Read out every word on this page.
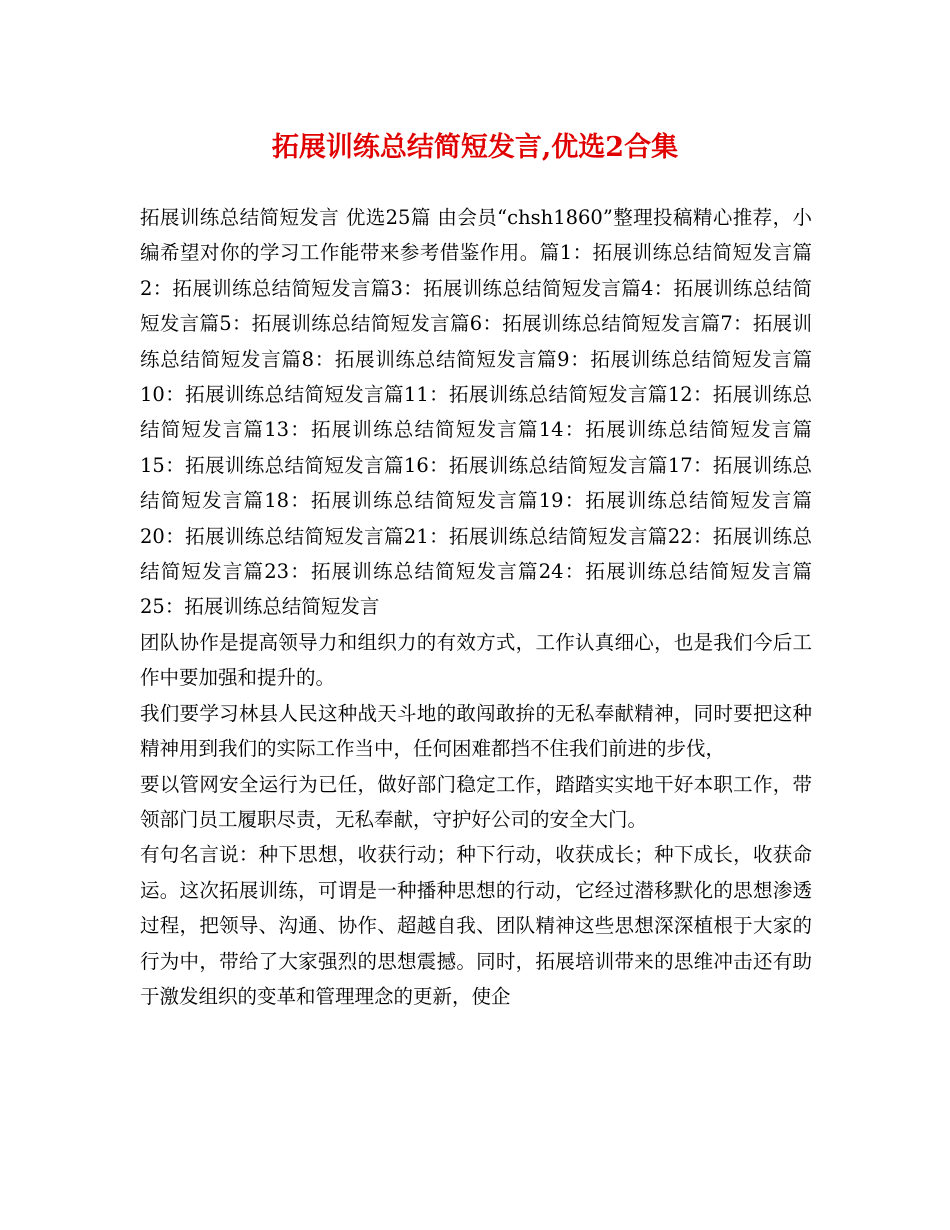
拓展训练总结简短发言,优选2合集

拓展训练总结简短发言 优选25篇 由会员“chsh1860”整理投稿精心推荐，小编希望对你的学习工作能带来参考借鉴作用。篇1：拓展训练总结简短发言篇2：拓展训练总结简短发言篇3：拓展训练总结简短发言篇4：拓展训练总结简短发言篇5：拓展训练总结简短发言篇6：拓展训练总结简短发言篇7：拓展训练总结简短发言篇8：拓展训练总结简短发言篇9：拓展训练总结简短发言篇10：拓展训练总结简短发言篇11：拓展训练总结简短发言篇12：拓展训练总结简短发言篇13：拓展训练总结简短发言篇14：拓展训练总结简短发言篇15：拓展训练总结简短发言篇16：拓展训练总结简短发言篇17：拓展训练总结简短发言篇18：拓展训练总结简短发言篇19：拓展训练总结简短发言篇20：拓展训练总结简短发言篇21：拓展训练总结简短发言篇22：拓展训练总结简短发言篇23：拓展训练总结简短发言篇24：拓展训练总结简短发言篇25：拓展训练总结简短发言

团队协作是提高领导力和组织力的有效方式，工作认真细心，也是我们今后工作中要加强和提升的。

我们要学习林县人民这种战天斗地的敢闯敢拚的无私奉献精神，同时要把这种精神用到我们的实际工作当中，任何困难都挡不住我们前进的步伐，

要以管网安全运行为已任，做好部门稳定工作，踏踏实实地干好本职工作，带领部门员工履职尽责，无私奉献，守护好公司的安全大门。

有句名言说：种下思想，收获行动；种下行动，收获成长；种下成长，收获命运。这次拓展训练，可谓是一种播种思想的行动，它经过潜移默化的思想渗透过程，把领导、沟通、协作、超越自我、团队精神这些思想深深植根于大家的行为中，带给了大家强烈的思想震撼。同时，拓展培训带来的思维冲击还有助于激发组织的变革和管理理念的更新，使企
